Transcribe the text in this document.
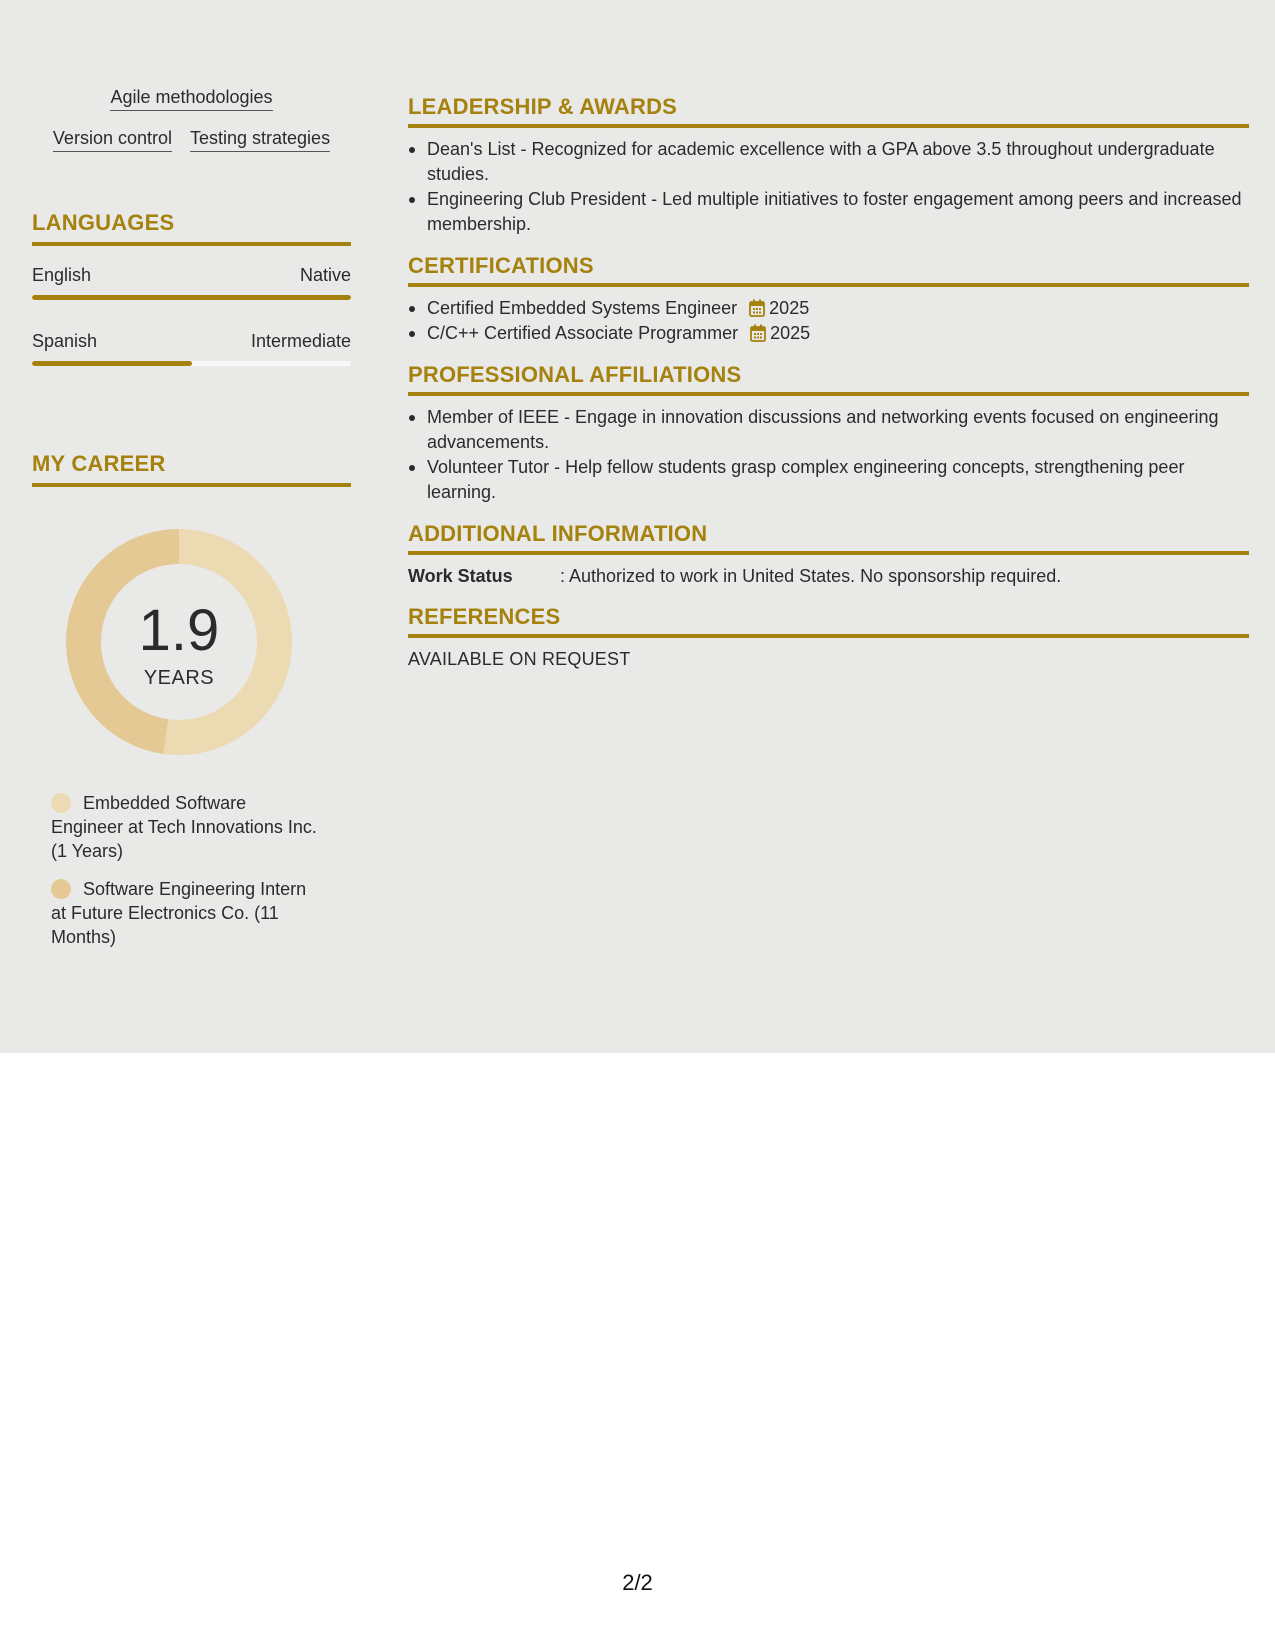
Agile methodologies
Version control Testing strategies
LANGUAGES
English	Native
Spanish	Intermediate
MY CAREER
1.9
YEARS
Embedded Software Engineer at Tech Innovations Inc. (1 Years)
Software Engineering Intern at Future Electronics Co. (11 Months)
LEADERSHIP & AWARDS
Dean's List - Recognized for academic excellence with a GPA above 3.5 throughout undergraduate studies.
Engineering Club President - Led multiple initiatives to foster engagement among peers and increased membership.
CERTIFICATIONS
Certified Embedded Systems Engineer 2025
C/C++ Certified Associate Programmer 2025
PROFESSIONAL AFFILIATIONS
Member of IEEE - Engage in innovation discussions and networking events focused on engineering advancements.
Volunteer Tutor - Help fellow students grasp complex engineering concepts, strengthening peer learning.
ADDITIONAL INFORMATION
Work Status	: Authorized to work in United States. No sponsorship required.
REFERENCES
AVAILABLE ON REQUEST
2/2
